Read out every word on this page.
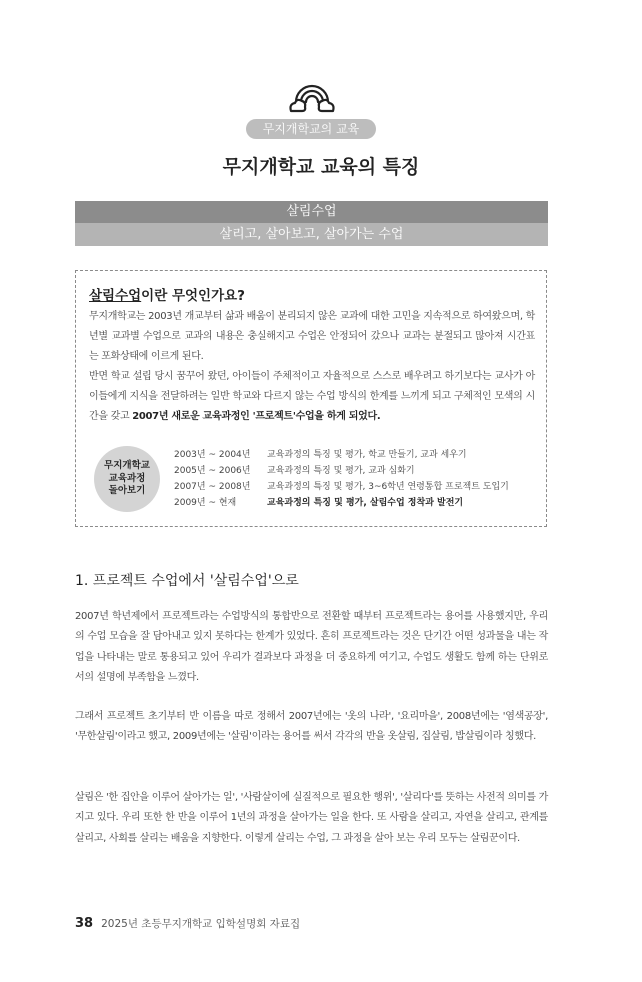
무지개학교의 교육
무지개학교 교육의 특징
살림수업
살리고, 살아보고, 살아가는 수업
살림수업이란 무엇인가요?

무지개학교는 2003년 개교부터 삶과 배움이 분리되지 않은 교과에 대한 고민을 지속적으로 하여왔으며, 학년별 교과별 수업으로 교과의 내용은 충실해지고 수업은 안정되어 갔으나 교과는 분절되고 많아져 시간표는 포화상태에 이르게 된다.

반면 학교 설립 당시 꿈꾸어 왔던, 아이들이 주체적이고 자율적으로 스스로 배우려고 하기보다는 교사가 아이들에게 지식을 전달하려는 일반 학교와 다르지 않는 수업 방식의 한계를 느끼게 되고 구체적인 모색의 시간을 갖고 2007년 새로운 교육과정인 '프로젝트'수업을 하게 되었다.

무지개학교
교육과정
돌아보기
2003년 ~ 2004년	교육과정의 특징 및 평가, 학교 만들기, 교과 세우기
2005년 ~ 2006년	교육과정의 특징 및 평가, 교과 심화기
2007년 ~ 2008년	교육과정의 특징 및 평가, 3~6학년 연령통합 프로젝트 도입기
2009년 ~ 현재	교육과정의 특징 및 평가, 살림수업 정착과 발전기
1. 프로젝트 수업에서 '살림수업'으로
2007년 학년제에서 프로젝트라는 수업방식의 통합반으로 전환할 때부터 프로젝트라는 용어를 사용했지만, 우리의 수업 모습을 잘 담아내고 있지 못하다는 한계가 있었다. 흔히 프로젝트라는 것은 단기간 어떤 성과물을 내는 작업을 나타내는 말로 통용되고 있어 우리가 결과보다 과정을 더 중요하게 여기고, 수업도 생활도 함께 하는 단위로서의 설명에 부족함을 느꼈다.
그래서 프로젝트 초기부터 반 이름을 따로 정해서 2007년에는 '옷의 나라', '요리마을', 2008년에는 '염색공장', '무한살림'이라고 했고, 2009년에는 '살림'이라는 용어를 써서 각각의 반을 옷살림, 집살림, 밥살림이라 칭했다.
살림은 '한 집안을 이루어 살아가는 일', '사람살이에 실질적으로 필요한 행위', '살리다'를 뜻하는 사전적 의미를 가지고 있다. 우리 또한 한 반을 이루어 1년의 과정을 살아가는 일을 한다. 또 사람을 살리고, 자연을 살리고, 관계를 살리고, 사회를 살리는 배움을 지향한다. 이렇게 살리는 수업, 그 과정을 살아 보는 우리 모두는 살림꾼이다.
38 2025년 초등무지개학교 입학설명회 자료집
